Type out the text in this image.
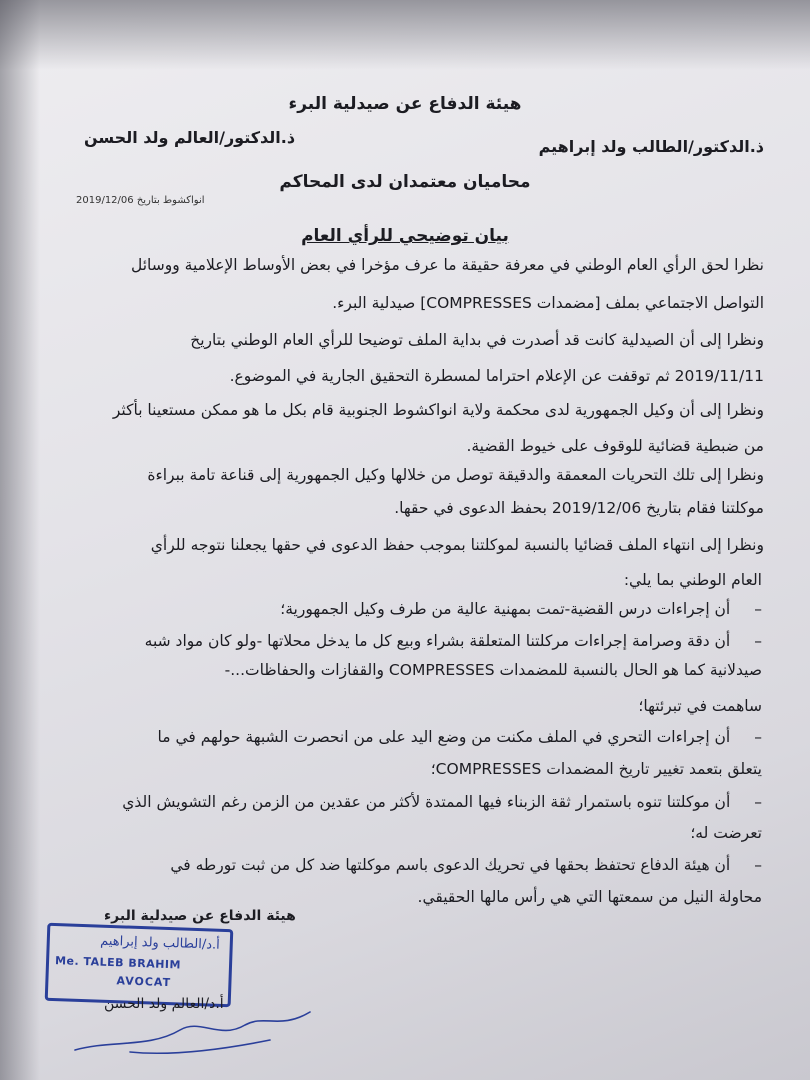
هيئة الدفاع عن صيدلية البرء
ذ.الدكتور/الطالب ولد إبراهيم
ذ.الدكتور/العالم ولد الحسن
محاميان معتمدان لدى المحاكم
انواكشوط بتاريخ 2019/12/06
بيان توضيحي للرأي العام
نظرا لحق الرأي العام الوطني في معرفة حقيقة ما عرف مؤخرا في بعض الأوساط الإعلامية ووسائل
التواصل الاجتماعي بملف [مضمدات COMPRESSES] صيدلية البرء.
ونظرا إلى أن الصيدلية كانت قد أصدرت في بداية الملف توضيحا للرأي العام الوطني بتاريخ
2019/11/11 ثم توقفت عن الإعلام احتراما لمسطرة التحقيق الجارية في الموضوع.
ونظرا إلى أن وكيل الجمهورية لدى محكمة ولاية انواكشوط الجنوبية قام بكل ما هو ممكن مستعينا بأكثر
من ضبطية قضائية للوقوف على خيوط القضية.
ونظرا إلى تلك التحريات المعمقة والدقيقة توصل من خلالها وكيل الجمهورية إلى قناعة تامة ببراءة
موكلتنا فقام بتاريخ 2019/12/06 بحفظ الدعوى في حقها.
ونظرا إلى انتهاء الملف قضائيا بالنسبة لموكلتنا بموجب حفظ الدعوى في حقها يجعلنا نتوجه للرأي
العام الوطني بما يلي:
–أن إجراءات درس القضية-تمت بمهنية عالية من طرف وكيل الجمهورية؛
–أن دقة وصرامة إجراءات مركلتنا المتعلقة بشراء وبيع كل ما يدخل محلاتها -ولو كان مواد شبه
صيدلانية كما هو الحال بالنسبة للمضمدات COMPRESSES والقفازات والحفاظات...-
ساهمت في تبرئتها؛
–أن إجراءات التحري في الملف مكنت من وضع اليد على من انحصرت الشبهة حولهم في ما
يتعلق بتعمد تغيير تاريخ المضمدات COMPRESSES؛
–أن موكلتنا تنوه باستمرار ثقة الزبناء فيها الممتدة لأكثر من عقدين من الزمن رغم التشويش الذي
تعرضت له؛
–أن هيئة الدفاع تحتفظ بحقها في تحريك الدعوى باسم موكلتها ضد كل من ثبت تورطه في
محاولة النيل من سمعتها التي هي رأس مالها الحقيقي.
هيئة الدفاع عن صيدلية البرء
أ.د/الطالب ولد إبراهيم
Me. TALEB BRAHIM
AVOCAT
أ.د/العالم ولد الحسن
